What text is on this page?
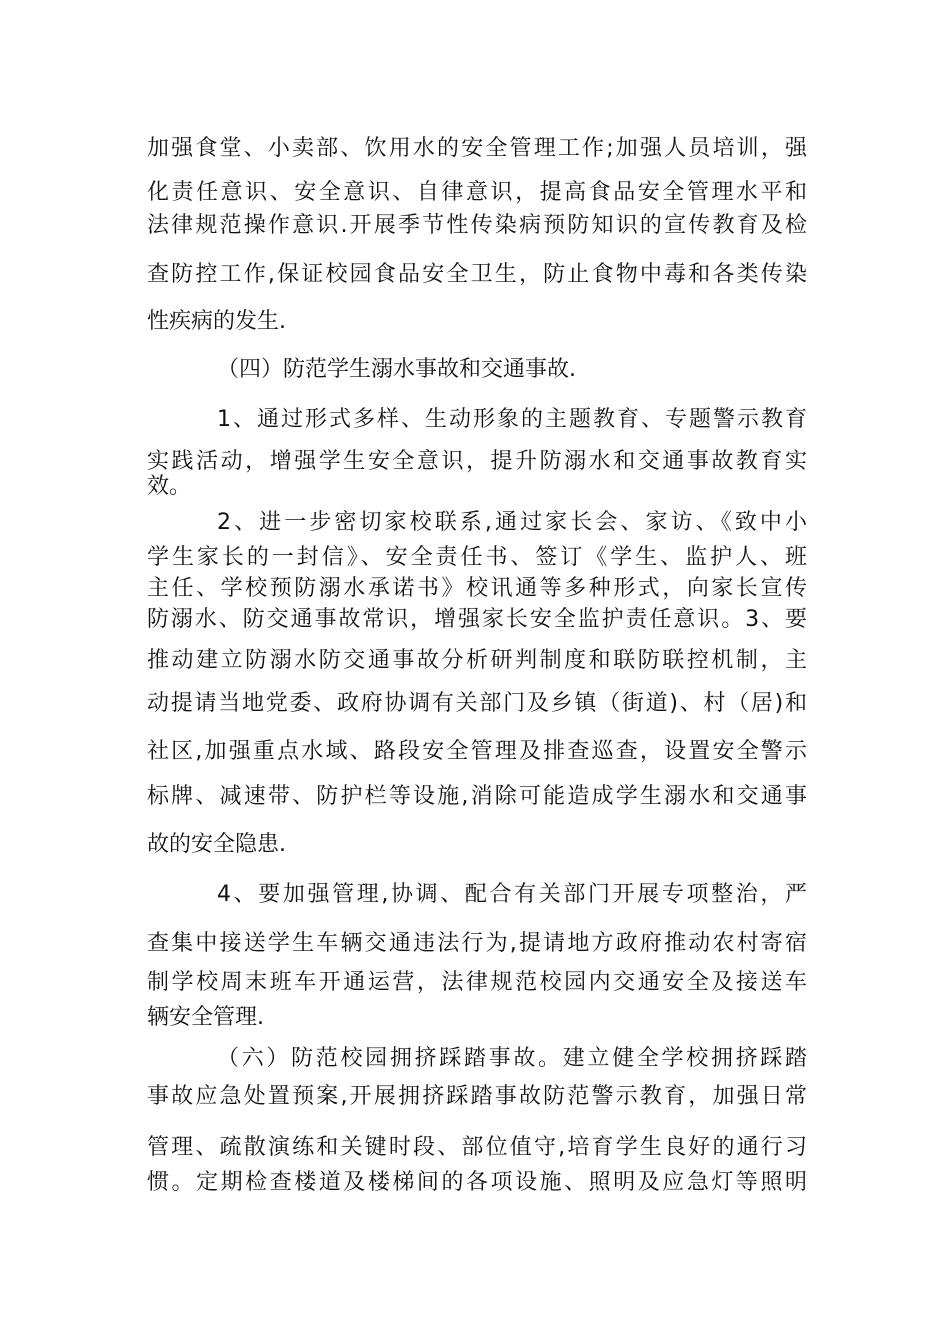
加强食堂、小卖部、饮用水的安全管理工作;加强人员培训，强
化责任意识、安全意识、自律意识，提高食品安全管理水平和
法律规范操作意识.开展季节性传染病预防知识的宣传教育及检
查防控工作,保证校园食品安全卫生，防止食物中毒和各类传染
性疾病的发生.
（四）防范学生溺水事故和交通事故.
1、通过形式多样、生动形象的主题教育、专题警示教育
实践活动，增强学生安全意识，提升防溺水和交通事故教育实
效。
2、进一步密切家校联系,通过家长会、家访、《致中小
学生家长的一封信》、安全责任书、签订《学生、监护人、班
主任、学校预防溺水承诺书》校讯通等多种形式，向家长宣传
防溺水、防交通事故常识，增强家长安全监护责任意识。3、要
推动建立防溺水防交通事故分析研判制度和联防联控机制，主
动提请当地党委、政府协调有关部门及乡镇（街道)、村（居)和
社区,加强重点水域、路段安全管理及排查巡查，设置安全警示
标牌、减速带、防护栏等设施,消除可能造成学生溺水和交通事
故的安全隐患.
4、要加强管理,协调、配合有关部门开展专项整治，严
查集中接送学生车辆交通违法行为,提请地方政府推动农村寄宿
制学校周末班车开通运营，法律规范校园内交通安全及接送车
辆安全管理.
（六）防范校园拥挤踩踏事故。建立健全学校拥挤踩踏
事故应急处置预案,开展拥挤踩踏事故防范警示教育，加强日常
管理、疏散演练和关键时段、部位值守,培育学生良好的通行习
惯。定期检查楼道及楼梯间的各项设施、照明及应急灯等照明
